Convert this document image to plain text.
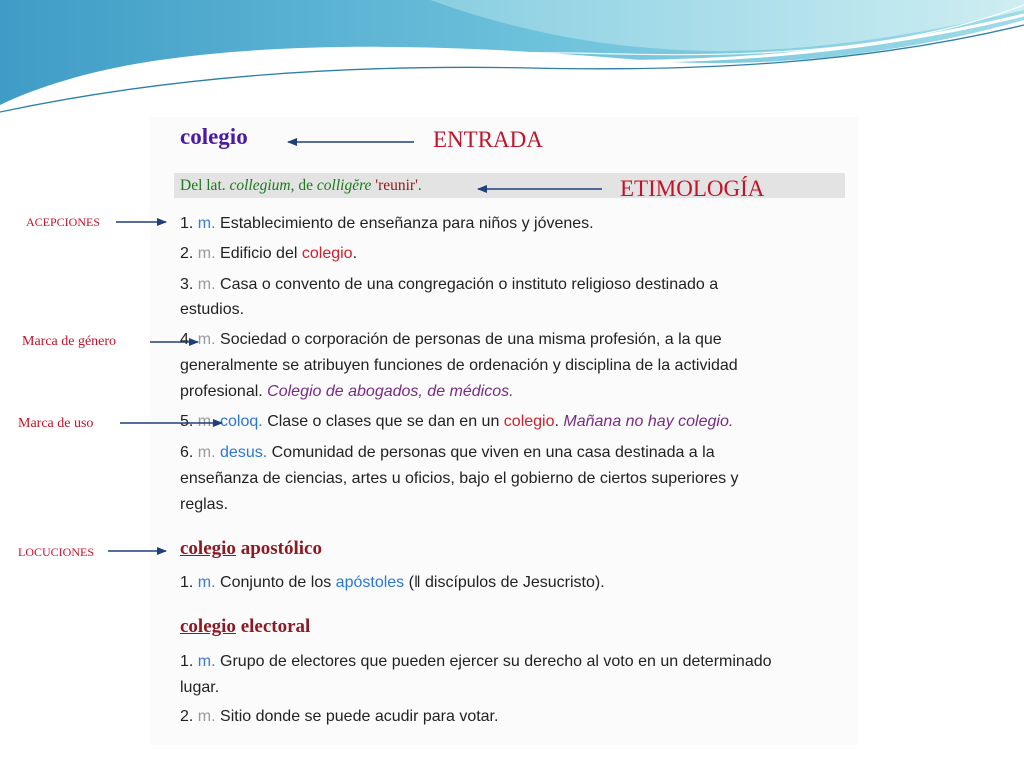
colegio

Del lat. collegium, de colligĕre 'reunir'.

1. m. Establecimiento de enseñanza para niños y jóvenes.

2. m. Edificio del colegio.

3. m. Casa o convento de una congregación o instituto religioso destinado a

estudios.

4. m. Sociedad o corporación de personas de una misma profesión, a la que

generalmente se atribuyen funciones de ordenación y disciplina de la actividad

profesional. Colegio de abogados, de médicos.

5. m. coloq. Clase o clases que se dan en un colegio. Mañana no hay colegio.

6. m. desus. Comunidad de personas que viven en una casa destinada a la

enseñanza de ciencias, artes u oficios, bajo el gobierno de ciertos superiores y

reglas.

colegio apostólico

1. m. Conjunto de los apóstoles (‖ discípulos de Jesucristo).

colegio electoral

1. m. Grupo de electores que pueden ejercer su derecho al voto en un determinado

lugar.

2. m. Sitio donde se puede acudir para votar.

ENTRADA

ETIMOLOGÍA

ACEPCIONES

Marca de género

Marca de uso

LOCUCIONES
